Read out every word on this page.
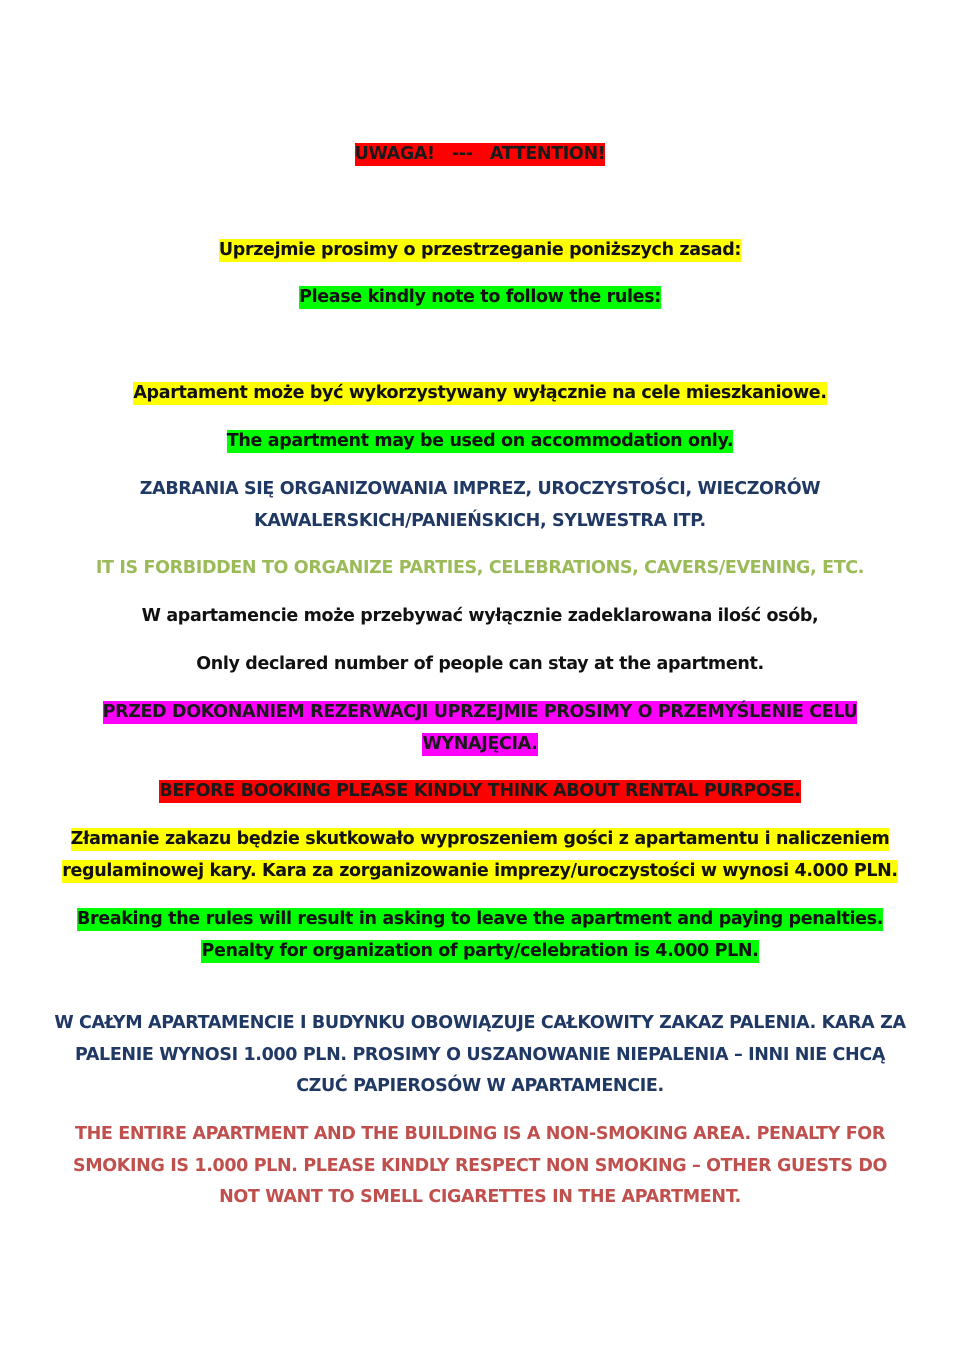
UWAGA!   ---   ATTENTION!

Uprzejmie prosimy o przestrzeganie poniższych zasad:

Please kindly note to follow the rules:

Apartament może być wykorzystywany wyłącznie na cele mieszkaniowe.

The apartment may be used on accommodation only.

ZABRANIA SIĘ ORGANIZOWANIA IMPREZ, UROCZYSTOŚCI, WIECZORÓW KAWALERSKICH/PANIEŃSKICH, SYLWESTRA ITP.

IT IS FORBIDDEN TO ORGANIZE PARTIES, CELEBRATIONS, CAVERS/EVENING, ETC.

W apartamencie może przebywać wyłącznie zadeklarowana ilość osób,

Only declared number of people can stay at the apartment.

PRZED DOKONANIEM REZERWACJI UPRZEJMIE PROSIMY O PRZEMYŚLENIE CELU WYNAJĘCIA.

BEFORE BOOKING PLEASE KINDLY THINK ABOUT RENTAL PURPOSE.

Złamanie zakazu będzie skutkowało wyproszeniem gości z apartamentu i naliczeniem regulaminowej kary. Kara za zorganizowanie imprezy/uroczystości w wynosi 4.000 PLN.

Breaking the rules will result in asking to leave the apartment and paying penalties. Penalty for organization of party/celebration is 4.000 PLN.

W CAŁYM APARTAMENCIE I BUDYNKU OBOWIĄZUJE CAŁKOWITY ZAKAZ PALENIA. KARA ZA PALENIE WYNOSI 1.000 PLN. PROSIMY O USZANOWANIE NIEPALENIA – INNI NIE CHCĄ CZUĆ PAPIEROSÓW W APARTAMENCIE.

THE ENTIRE APARTMENT AND THE BUILDING IS A NON-SMOKING AREA. PENALTY FOR SMOKING IS 1.000 PLN. PLEASE KINDLY RESPECT NON SMOKING – OTHER GUESTS DO NOT WANT TO SMELL CIGARETTES IN THE APARTMENT.
